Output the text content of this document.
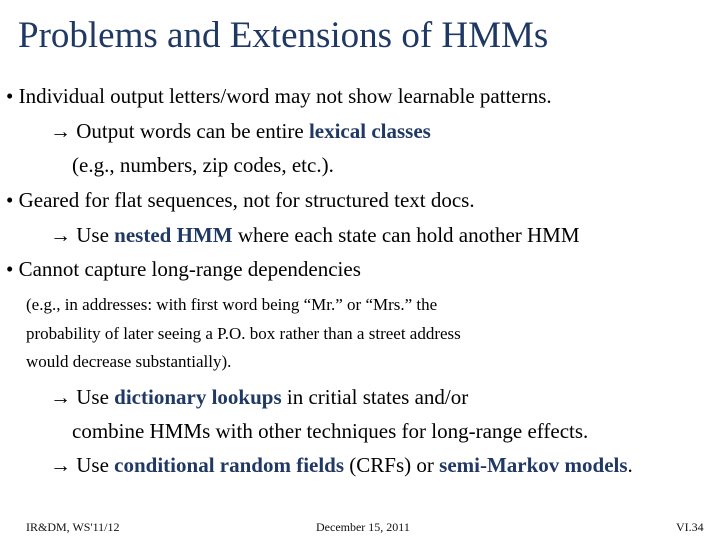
Problems and Extensions of HMMs
• Individual output letters/word may not show learnable patterns.
→ Output words can be entire lexical classes
(e.g., numbers, zip codes, etc.).
• Geared for flat sequences, not for structured text docs.
→ Use nested HMM where each state can hold another HMM
• Cannot capture long-range dependencies
(e.g., in addresses: with first word being “Mr.” or “Mrs.” the
probability of later seeing a P.O. box rather than a street address
would decrease substantially).
→ Use dictionary lookups in critial states and/or
combine HMMs with other techniques for long-range effects.
→ Use conditional random fields (CRFs) or semi-Markov models.
IR&DM, WS'11/12	December 15, 2011	VI.34
